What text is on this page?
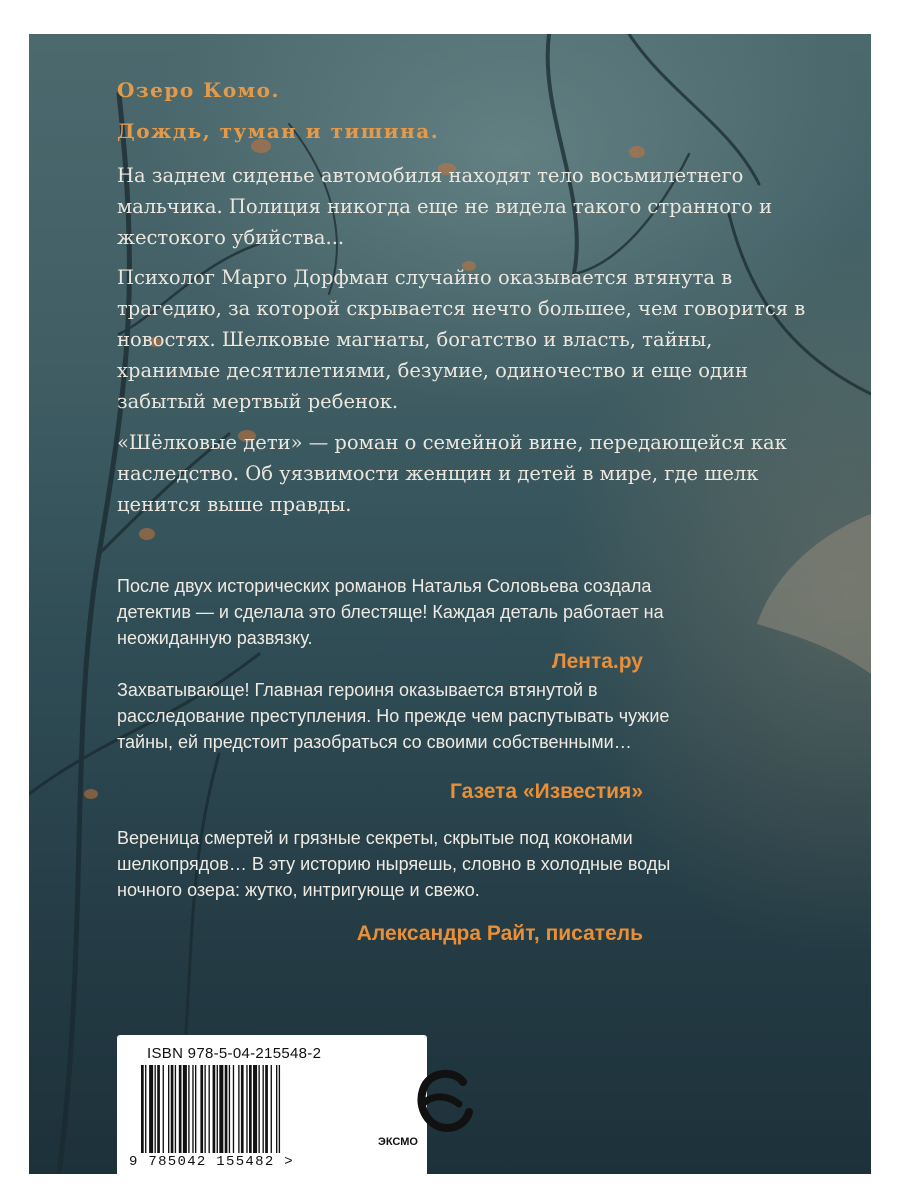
Озеро Комо.

Дождь, туман и тишина.

На заднем сиденье автомобиля находят тело восьмилетнего мальчика. Полиция никогда еще не видела такого странного и жестокого убийства...

Психолог Марго Дорфман случайно оказывается втянута в трагедию, за которой скрывается нечто большее, чем говорится в новостях. Шелковые магнаты, богатство и власть, тайны, хранимые десятилетиями, безумие, одиночество и еще один забытый мертвый ребенок.

«Шёлковые дети» — роман о семейной вине, передающейся как наследство. Об уязвимости женщин и детей в мире, где шелк ценится выше правды.

После двух исторических романов Наталья Соловьева создала детектив — и сделала это блестяще! Каждая деталь работает на неожиданную развязку.

Лента.ру

Захватывающе! Главная героиня оказывается втянутой в расследование преступления. Но прежде чем распутывать чужие тайны, ей предстоит разобраться со своими собственными…

Газета «Известия»

Вереница смертей и грязные секреты, скрытые под коконами шелкопрядов… В эту историю ныряешь, словно в холодные воды ночного озера: жутко, интригующе и свежо.

Александра Райт, писатель

ISBN 978-5-04-215548-2

9 785042 155482 >

ЭКСМО
